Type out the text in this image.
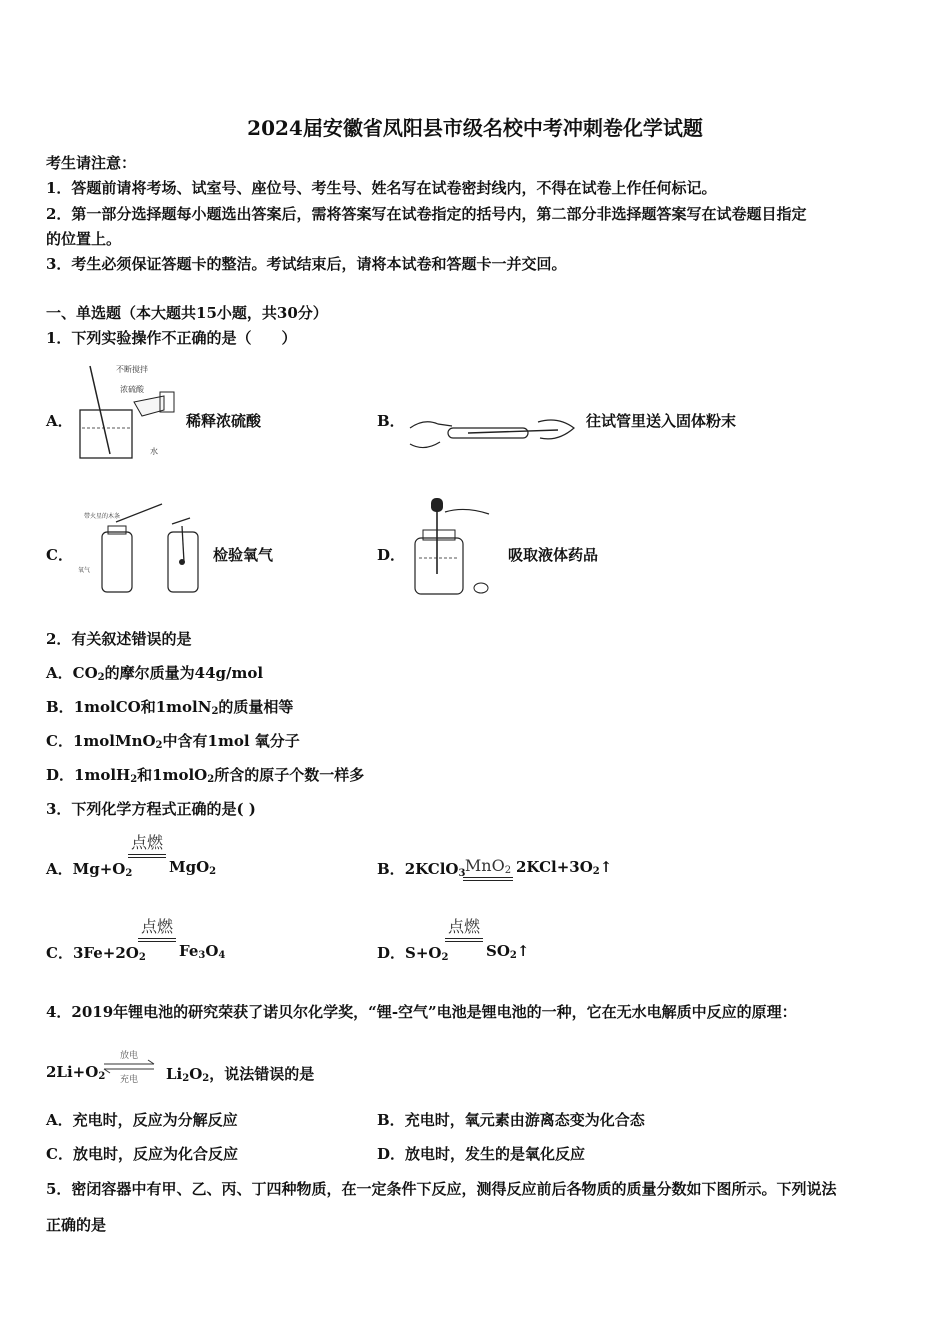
2024届安徽省凤阳县市级名校中考冲刺卷化学试题
考生请注意：
1．答题前请将考场、试室号、座位号、考生号、姓名写在试卷密封线内，不得在试卷上作任何标记。
2．第一部分选择题每小题选出答案后，需将答案写在试卷指定的括号内，第二部分非选择题答案写在试卷题目指定
的位置上。
3．考生必须保证答题卡的整洁。考试结束后，请将本试卷和答题卡一并交回。
一、单选题（本大题共15小题，共30分）
1．下列实验操作不正确的是（　　）
A．
不断搅拌
浓硫酸
水
稀释浓硫酸	B．	往试管里送入固体粉末
C．
带火星的木条
氧气
检验氧气	D．	吸取液体药品
2．有关叙述错误的是
A．$CO_2$的摩尔质量为44g/mol
B．1molCO和1molN$_2$的质量相等
C．1molMnO$_2$中含有1mol 氧分子
D．1molH$_2$和1molO$_2$所含的原子个数一样多
3．下列化学方程式正确的是( )
A．$Mg+O_2$
点燃
MgO$_2$	B．2KClO$_3$ MnO$_2$ $2KCl+3O_2↑$
C．$3Fe+2O_2$
点燃
$Fe_3O_4$	D．$S+O_2$
点燃
$SO_2↑$
4．2019年锂电池的研究荣获了诺贝尔化学奖，“锂-空气”电池是锂电池的一种，它在无水电解质中反应的原理：
$2Li+O_2$
放电
充电 $Li_2O_2$，说法错误的是
A．充电时，反应为分解反应	B．充电时，氧元素由游离态变为化合态
C．放电时，反应为化合反应	D．放电时，发生的是氧化反应
5．密闭容器中有甲、乙、丙、丁四种物质，在一定条件下反应，测得反应前后各物质的质量分数如下图所示。下列说法
正确的是
